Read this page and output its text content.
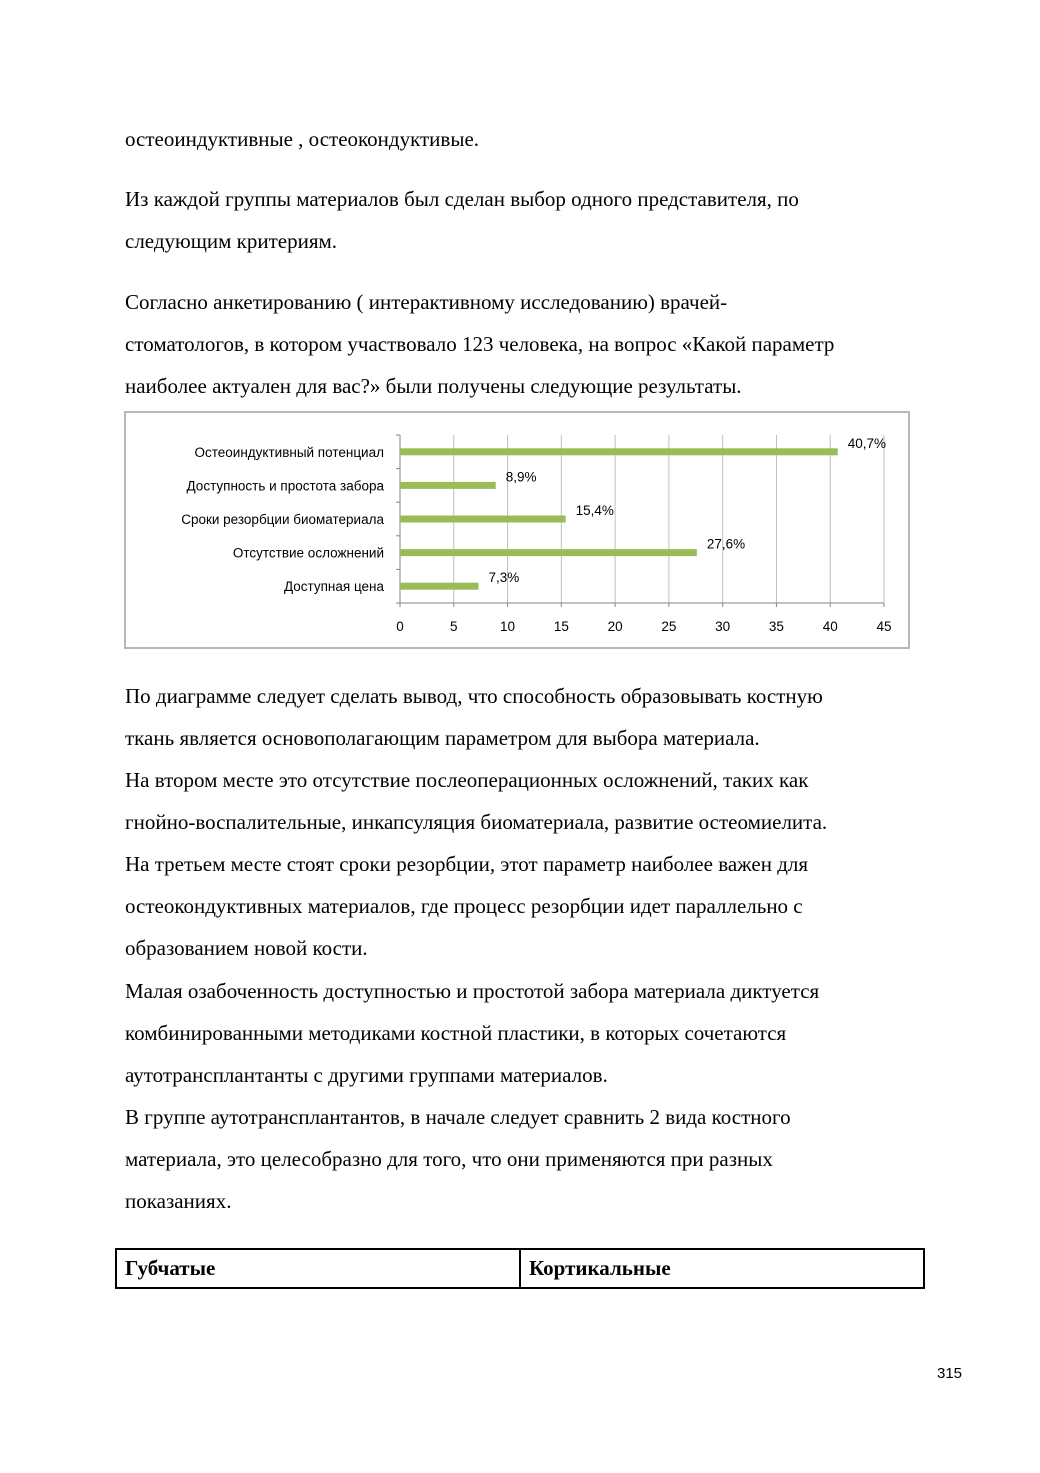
остеоиндуктивные , остеокондуктивые.

Из каждой группы материалов был сделан выбор одного представителя, по

следующим критериям.

Согласно анкетированию ( интерактивному исследованию) врачей-

стоматологов, в котором участвовало 123 человека, на вопрос «Какой параметр

наиболее актуален для вас?» были получены следующие результаты.

0	5	10	15	20	25	30	35	40	45
Остеоиндуктивный потенциал
40,7%
Доступность и простота забора
8,9%
Сроки резорбции биоматериала
15,4%
Отсутствие осложнений
27,6%
Доступная цена
7,3%

По диаграмме следует сделать вывод, что способность образовывать костную

ткань является основополагающим параметром для выбора материала.

На втором месте это отсутствие послеоперационных осложнений, таких как

гнойно-воспалительные, инкапсуляция биоматериала, развитие остеомиелита.

На третьем месте стоят сроки резорбции, этот параметр наиболее важен для

остеокондуктивных материалов, где процесс резорбции идет параллельно с

образованием новой кости.

Малая озабоченность доступностью и простотой забора материала диктуется

комбинированными методиками костной пластики, в которых сочетаются

аутотрансплантанты с другими группами материалов.

В группе аутотрансплантантов, в начале следует сравнить 2 вида костного

материала, это целесобразно для того, что они применяются при разных

показаниях.

Губчатые	Кортикальные
315
